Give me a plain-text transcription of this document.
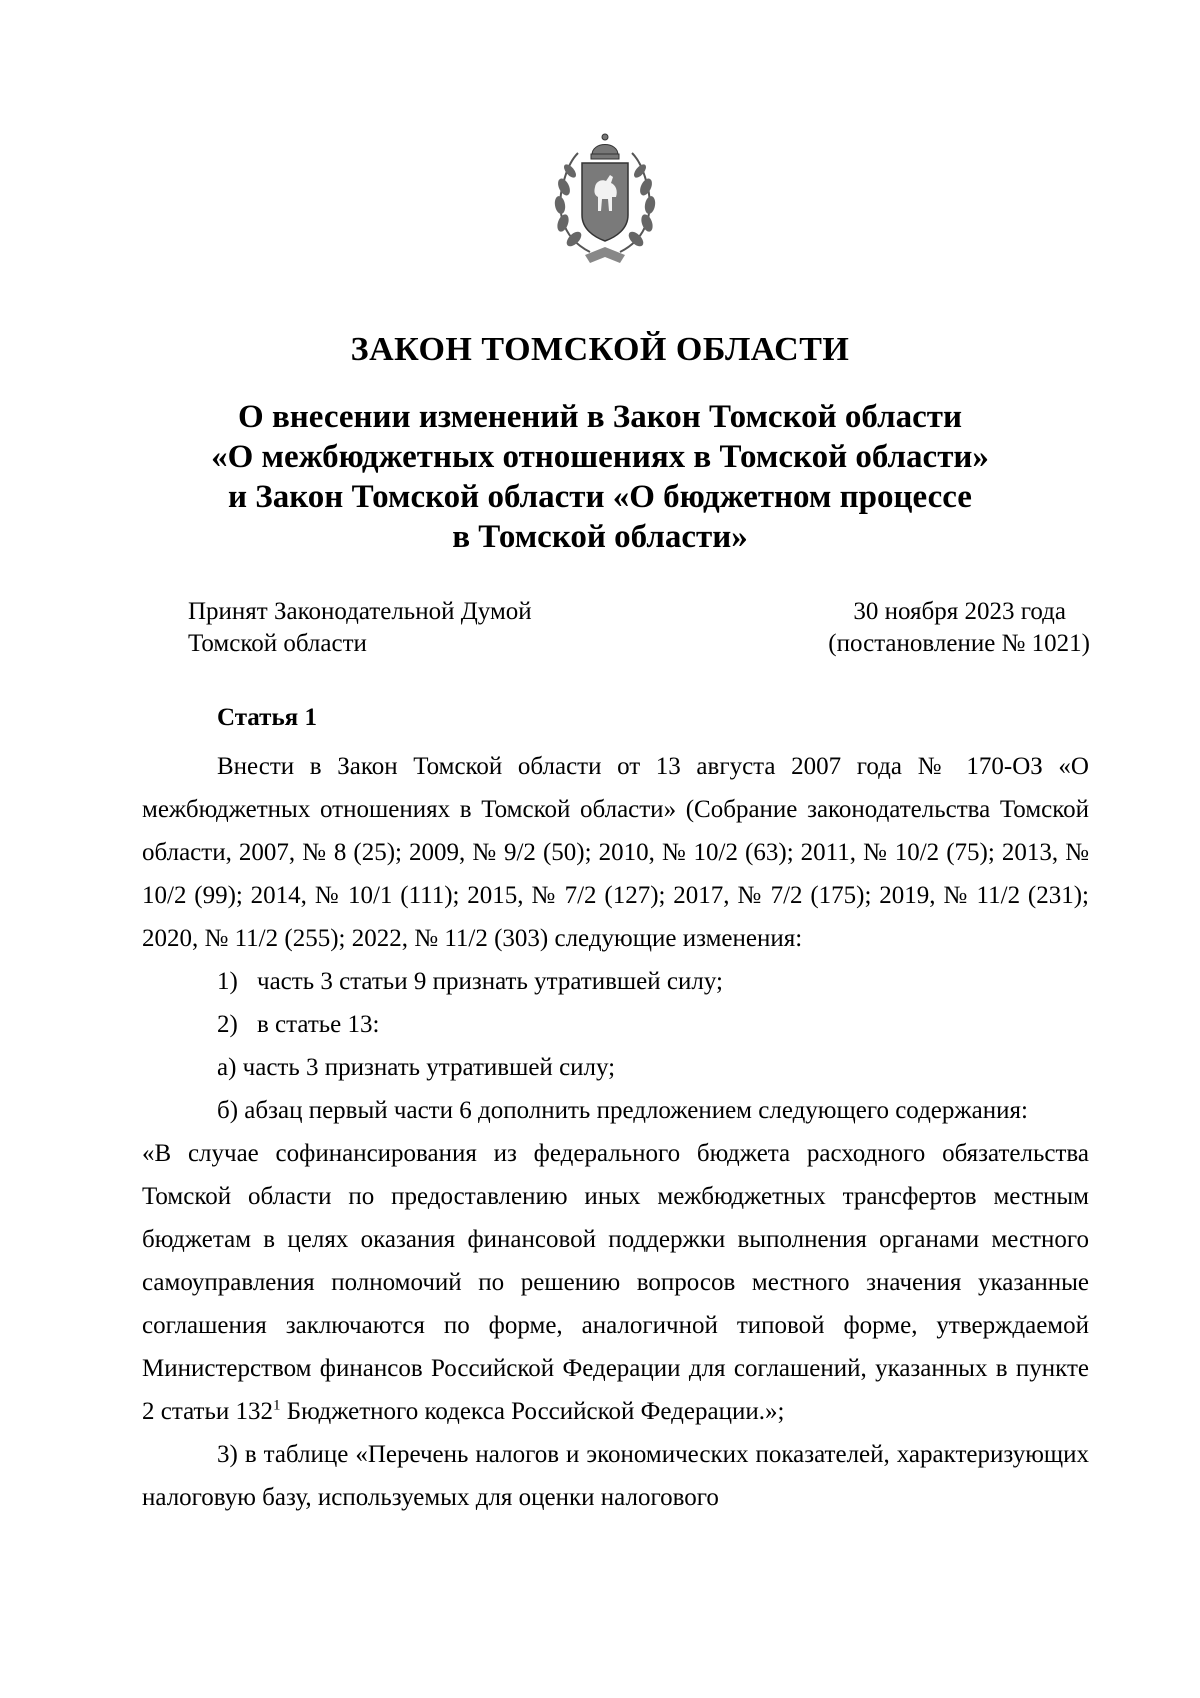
ЗАКОН ТОМСКОЙ ОБЛАСТИ
О внесении изменений в Закон Томской области
«О межбюджетных отношениях в Томской области»
и Закон Томской области «О бюджетном процессе
в Томской области»
Принят Законодательной Думой
Томской области
30 ноября 2023 года
(постановление № 1021)
Статья 1

Внести в Закон Томской области от 13 августа 2007 года № 170-ОЗ «О межбюджетных отношениях в Томской области» (Собрание законодательства Томской области, 2007, № 8 (25); 2009, № 9/2 (50); 2010, № 10/2 (63); 2011, № 10/2 (75); 2013, № 10/2 (99); 2014, № 10/1 (111); 2015, № 7/2 (127); 2017, № 7/2 (175); 2019, № 11/2 (231); 2020, № 11/2 (255); 2022, № 11/2 (303) следующие изменения:

1) часть 3 статьи 9 признать утратившей силу;

2) в статье 13:

а) часть 3 признать утратившей силу;

б) абзац первый части 6 дополнить предложением следующего содержания:

«В случае софинансирования из федерального бюджета расходного обязательства Томской области по предоставлению иных межбюджетных трансфертов местным бюджетам в целях оказания финансовой поддержки выполнения органами местного самоуправления полномочий по решению вопросов местного значения указанные соглашения заключаются по форме, аналогичной типовой форме, утверждаемой Министерством финансов Российской Федерации для соглашений, указанных в пункте 2 статьи $132^1$ Бюджетного кодекса Российской Федерации.»;

3) в таблице «Перечень налогов и экономических показателей, характеризующих налоговую базу, используемых для оценки налогового
